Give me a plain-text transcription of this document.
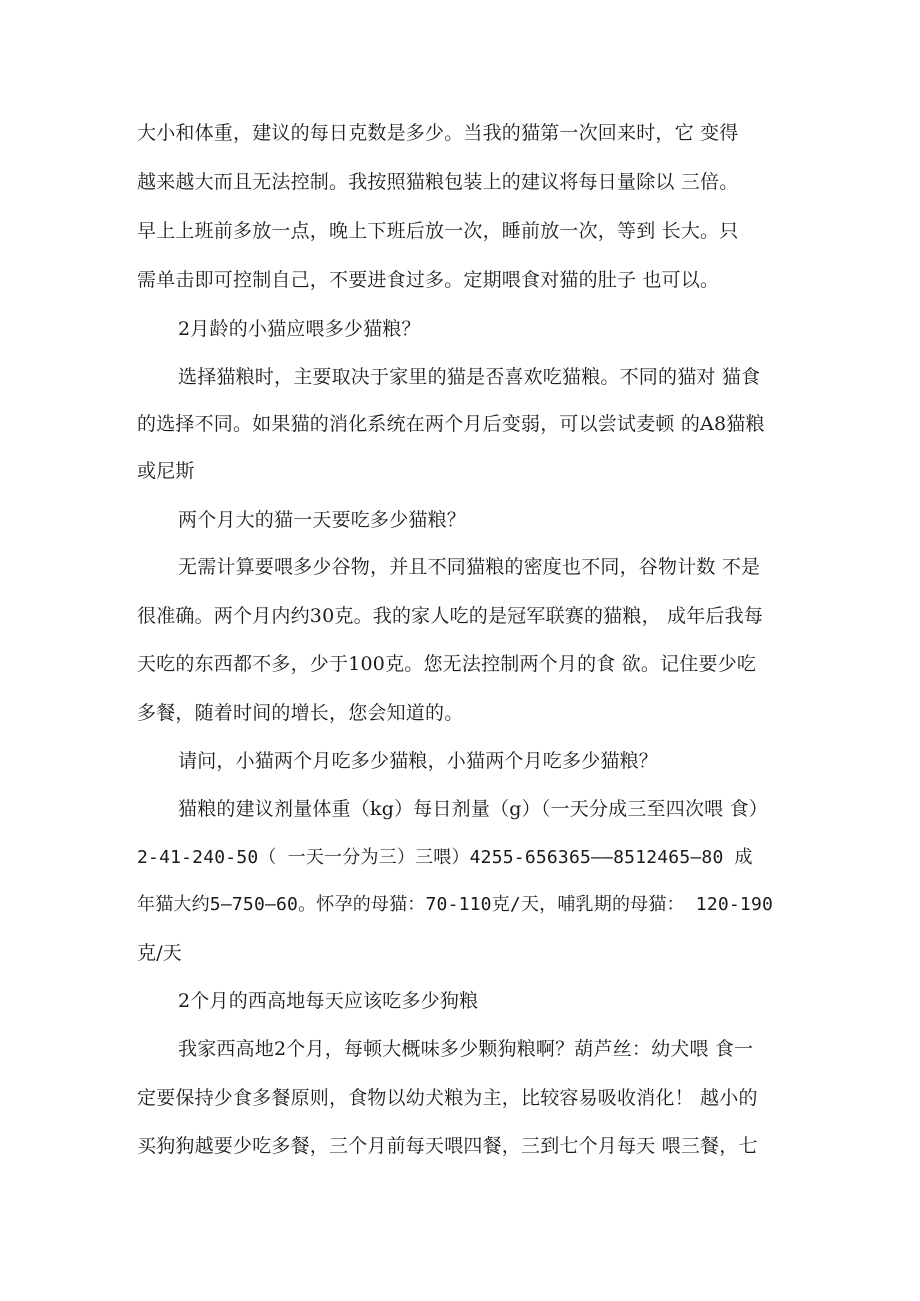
大小和体重，建议的每日克数是多少。当我的猫第一次回来时，它 变得
越来越大而且无法控制。我按照猫粮包装上的建议将每日量除以 三倍。
早上上班前多放一点，晚上下班后放一次，睡前放一次，等到 长大。只
需单击即可控制自己，不要进食过多。定期喂食对猫的肚子 也可以。
2月龄的小猫应喂多少猫粮？
选择猫粮时，主要取决于家里的猫是否喜欢吃猫粮。不同的猫对 猫食
的选择不同。如果猫的消化系统在两个月后变弱，可以尝试麦顿 的A8猫粮
或尼斯
两个月大的猫一天要吃多少猫粮？
无需计算要喂多少谷物，并且不同猫粮的密度也不同，谷物计数 不是
很准确。两个月内约30克。我的家人吃的是冠军联赛的猫粮， 成年后我每
天吃的东西都不多，少于100克。您无法控制两个月的食 欲。记住要少吃
多餐，随着时间的增长，您会知道的。
请问，小猫两个月吃多少猫粮，小猫两个月吃多少猫粮？
猫粮的建议剂量体重（kg）每日剂量（g）（一天分成三至四次喂 食）
2-41-240-50（ 一天一分为三）三喂）4255-656365——8512465—80 成
年猫大约5—750—60。怀孕的母猫：70-110克/天，哺乳期的母猫： 120-190
克/天
2个月的西高地每天应该吃多少狗粮
我家西高地2个月，每顿大概味多少颗狗粮啊？葫芦丝：幼犬喂 食一
定要保持少食多餐原则，食物以幼犬粮为主，比较容易吸收消化！ 越小的
买狗狗越要少吃多餐，三个月前每天喂四餐，三到七个月每天 喂三餐，七
